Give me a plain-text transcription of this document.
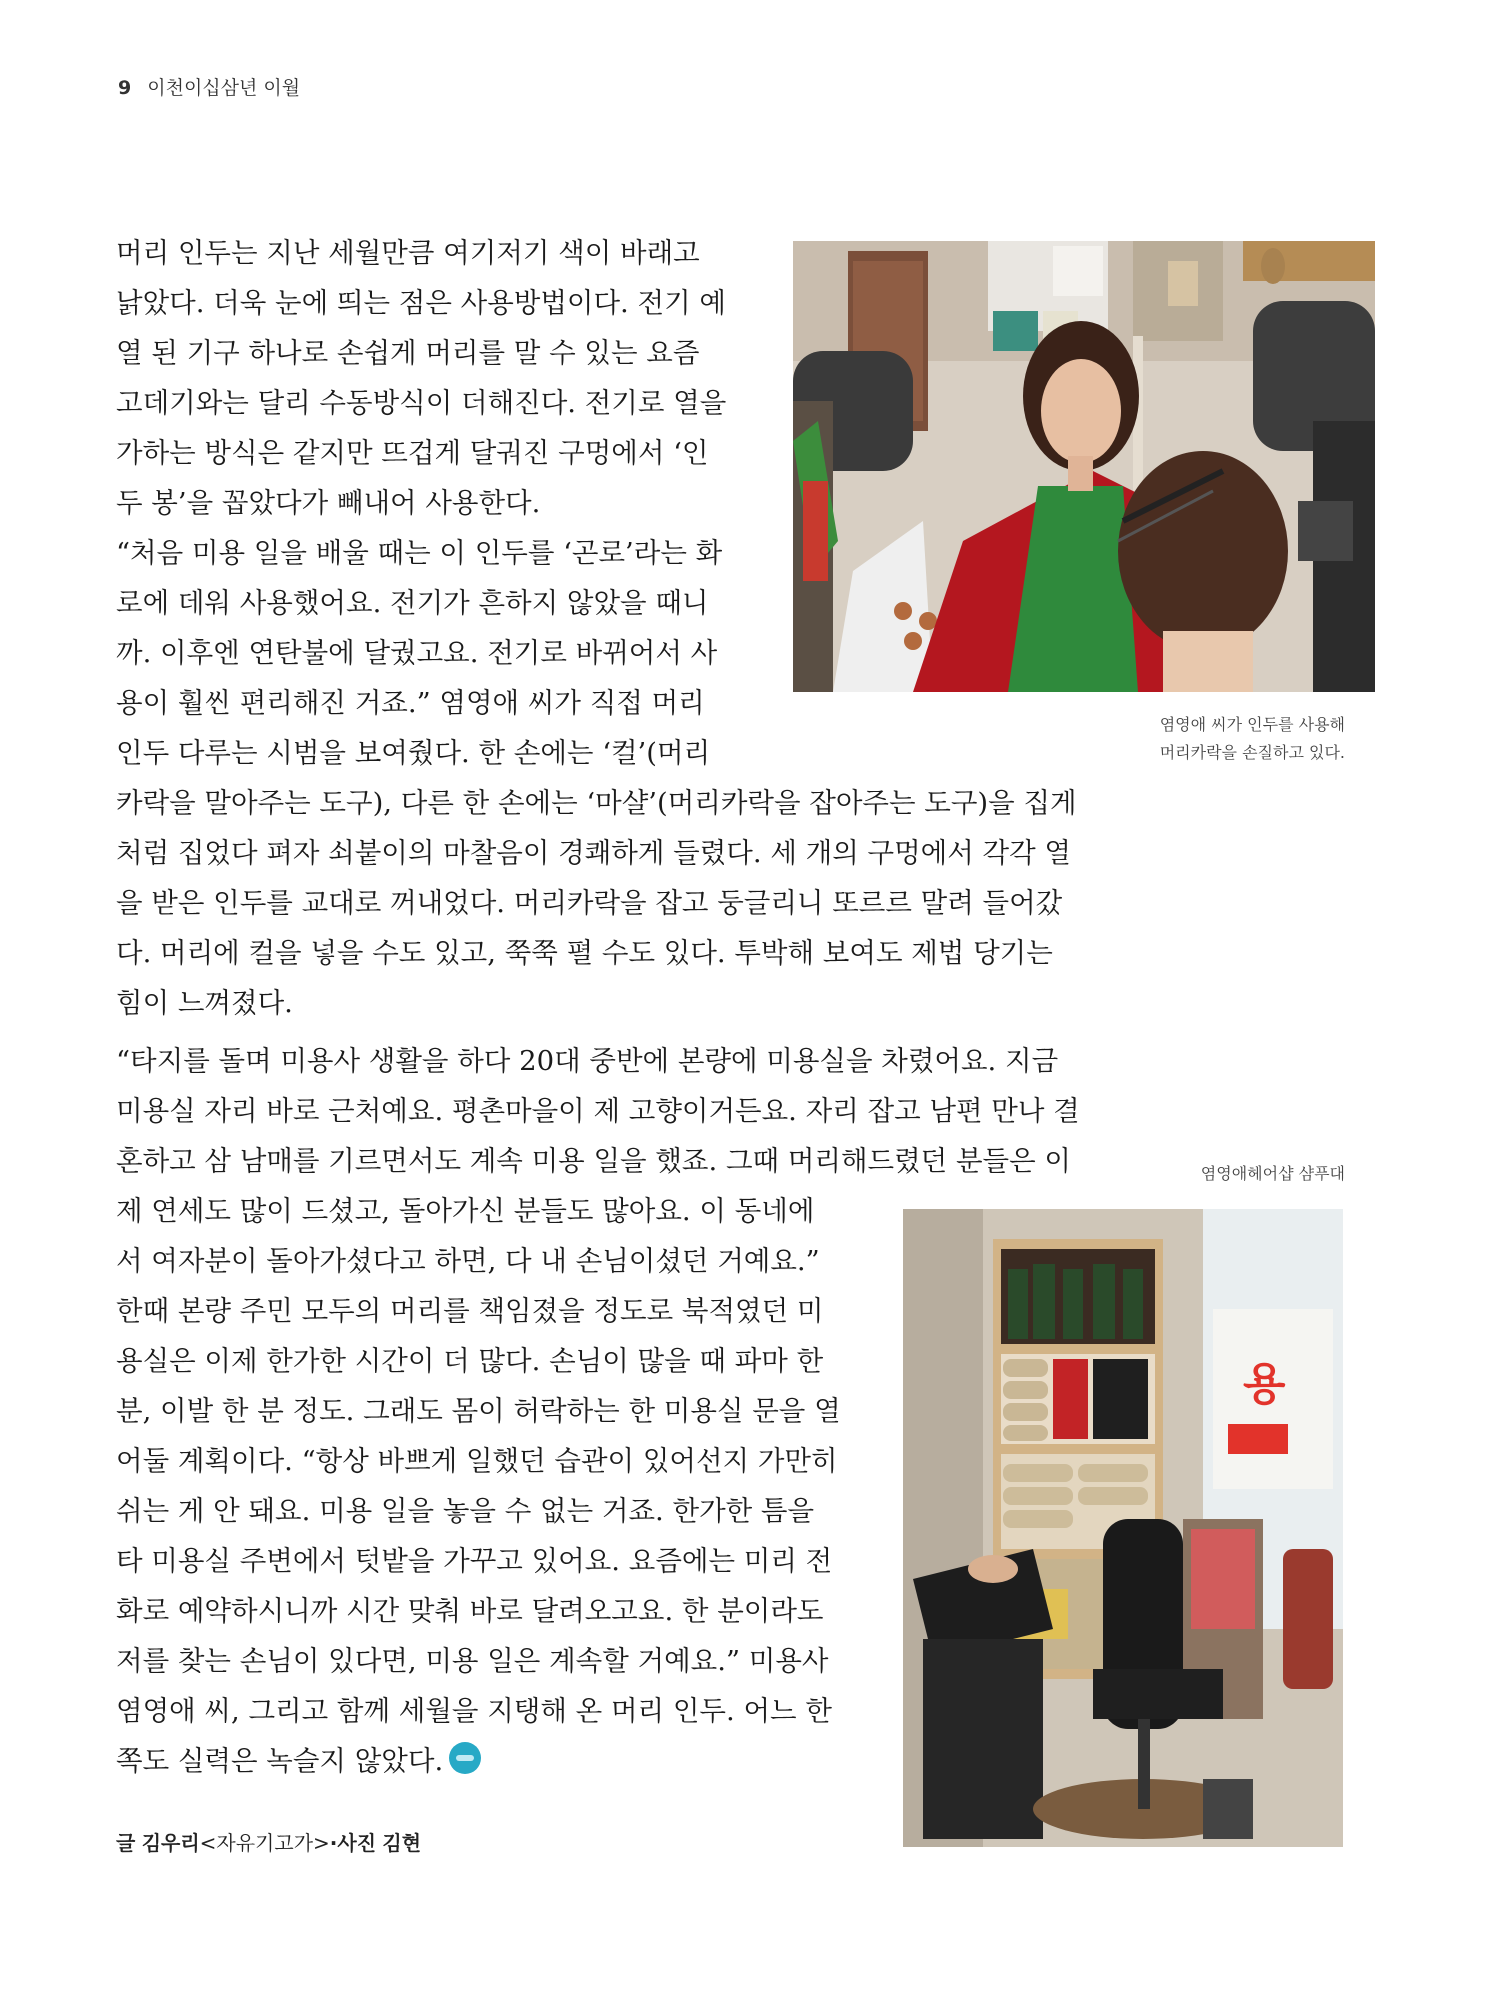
9 이천이십삼년 이월
염영애 씨가 인두를 사용해
머리카락을 손질하고 있다.
염영애헤어샵 샴푸대
용
머리 인두는 지난 세월만큼 여기저기 색이 바래고
낡았다. 더욱 눈에 띄는 점은 사용방법이다. 전기 예
열 된 기구 하나로 손쉽게 머리를 말 수 있는 요즘
고데기와는 달리 수동방식이 더해진다. 전기로 열을
가하는 방식은 같지만 뜨겁게 달궈진 구멍에서 ‘인
두 봉’을 꼽았다가 빼내어 사용한다.
“처음 미용 일을 배울 때는 이 인두를 ‘곤로’라는 화
로에 데워 사용했어요. 전기가 흔하지 않았을 때니
까. 이후엔 연탄불에 달궜고요. 전기로 바뀌어서 사
용이 훨씬 편리해진 거죠.” 염영애 씨가 직접 머리
인두 다루는 시범을 보여줬다. 한 손에는 ‘컬’(머리
카락을 말아주는 도구), 다른 한 손에는 ‘마샬’(머리카락을 잡아주는 도구)을 집게
처럼 집었다 펴자 쇠붙이의 마찰음이 경쾌하게 들렸다. 세 개의 구멍에서 각각 열
을 받은 인두를 교대로 꺼내었다. 머리카락을 잡고 둥글리니 또르르 말려 들어갔
다. 머리에 컬을 넣을 수도 있고, 쭉쭉 펼 수도 있다. 투박해 보여도 제법 당기는
힘이 느껴졌다.
“타지를 돌며 미용사 생활을 하다 20대 중반에 본량에 미용실을 차렸어요. 지금
미용실 자리 바로 근처예요. 평촌마을이 제 고향이거든요. 자리 잡고 남편 만나 결
혼하고 삼 남매를 기르면서도 계속 미용 일을 했죠. 그때 머리해드렸던 분들은 이
제 연세도 많이 드셨고, 돌아가신 분들도 많아요. 이 동네에
서 여자분이 돌아가셨다고 하면, 다 내 손님이셨던 거예요.”
한때 본량 주민 모두의 머리를 책임졌을 정도로 북적였던 미
용실은 이제 한가한 시간이 더 많다. 손님이 많을 때 파마 한
분, 이발 한 분 정도. 그래도 몸이 허락하는 한 미용실 문을 열
어둘 계획이다. “항상 바쁘게 일했던 습관이 있어선지 가만히
쉬는 게 안 돼요. 미용 일을 놓을 수 없는 거죠. 한가한 틈을
타 미용실 주변에서 텃밭을 가꾸고 있어요. 요즘에는 미리 전
화로 예약하시니까 시간 맞춰 바로 달려오고요. 한 분이라도
저를 찾는 손님이 있다면, 미용 일은 계속할 거예요.” 미용사
염영애 씨, 그리고 함께 세월을 지탱해 온 머리 인두. 어느 한
쪽도 실력은 녹슬지 않았다.
글 김우리<자유기고가>·사진 김현
